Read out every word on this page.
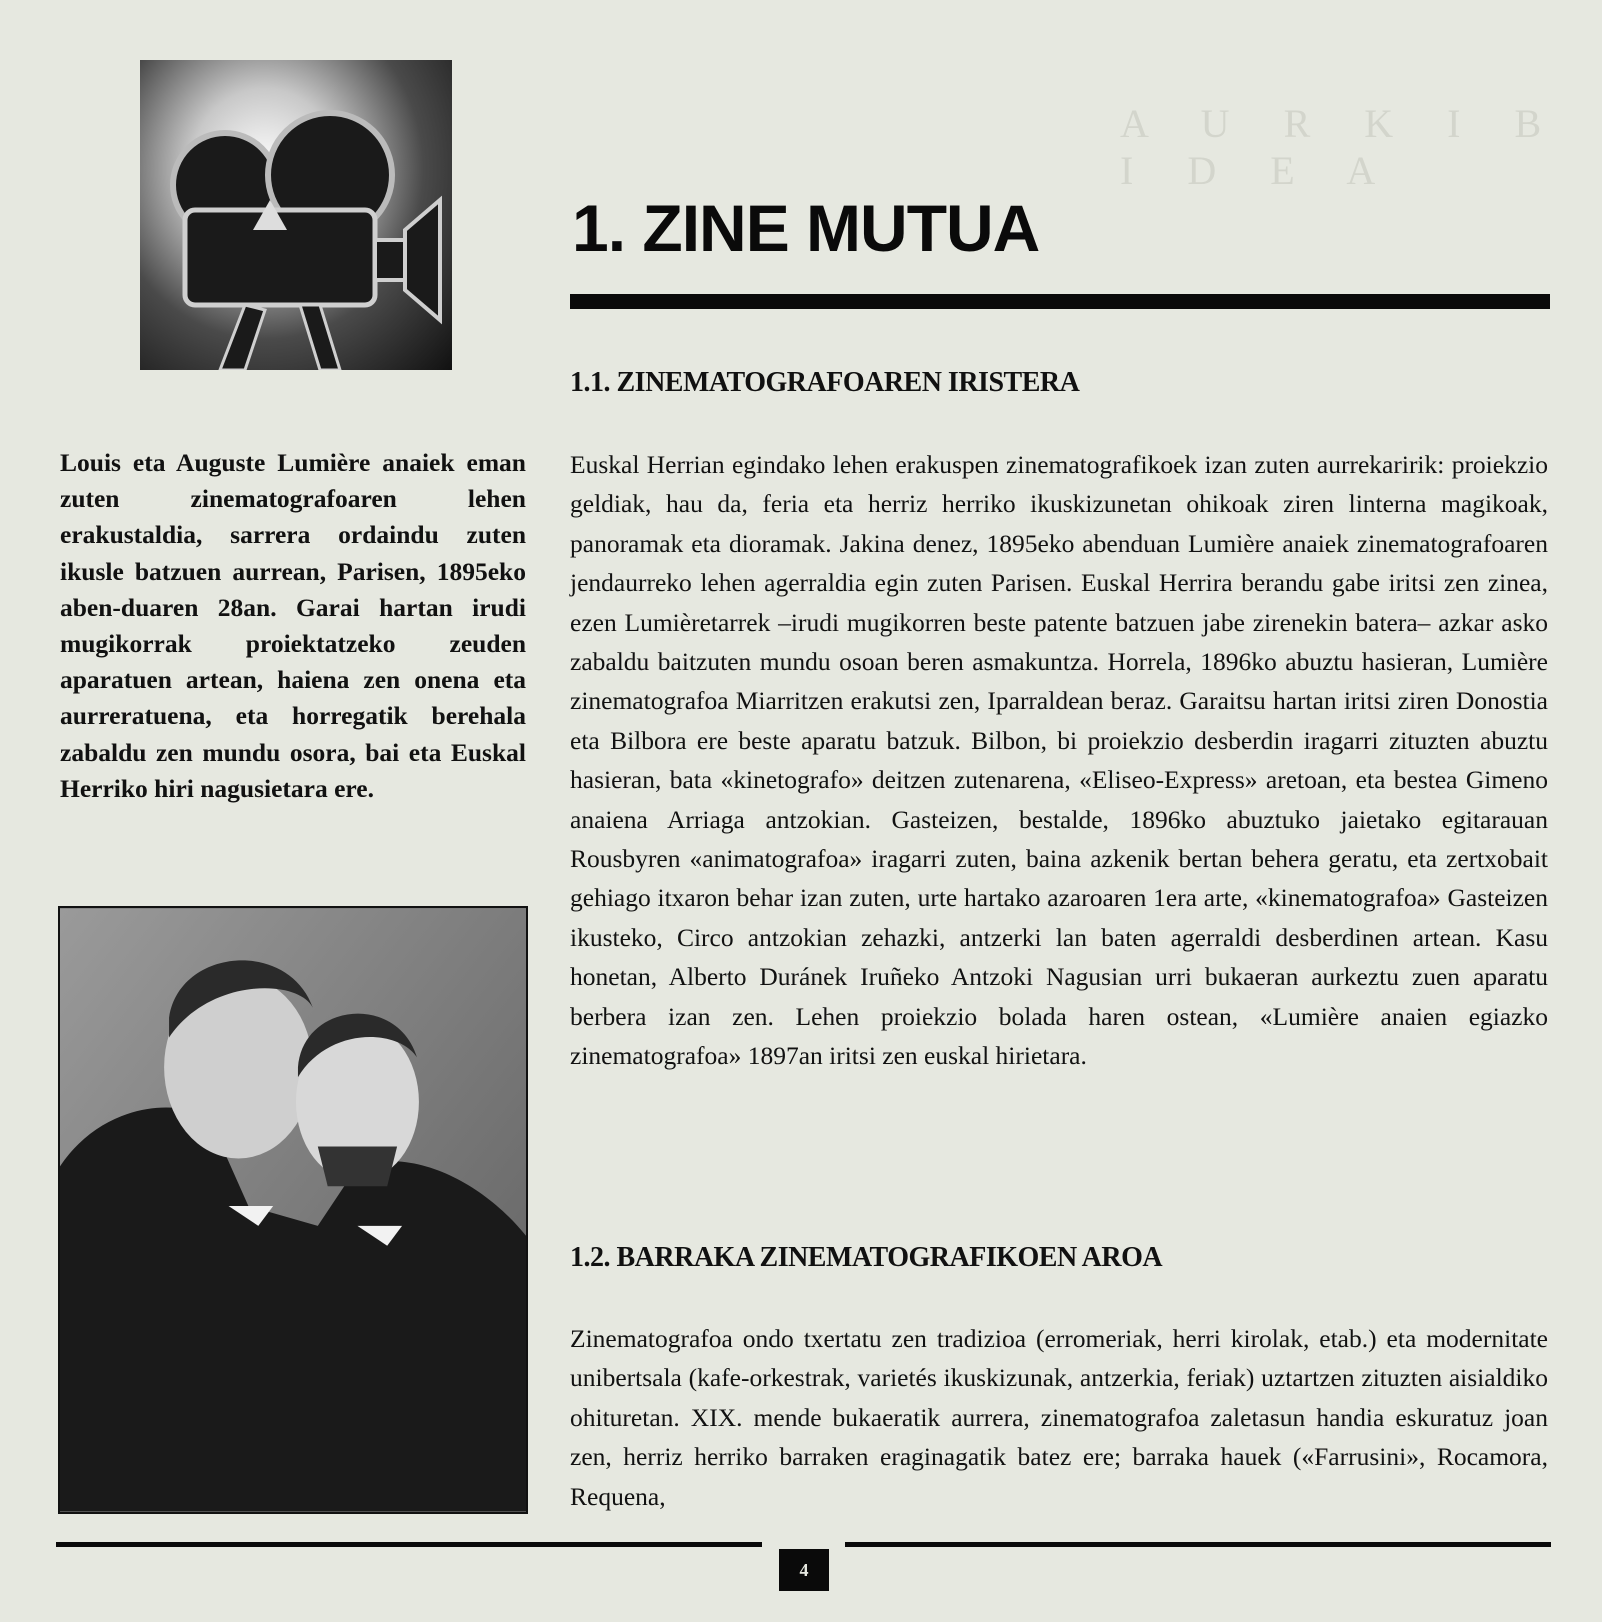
A U R K I B I D E A
1. ZINE MUTUA
1.1. ZINEMATOGRAFOAREN IRISTERA

Euskal Herrian egindako lehen erakuspen zinematografikoek izan zuten aurrekaririk: proiekzio geldiak, hau da, feria eta herriz herriko ikuskizunetan ohikoak ziren linterna magikoak, panoramak eta dioramak. Jakina denez, 1895eko abenduan Lumière anaiek zinematografoaren jendaurreko lehen agerraldia egin zuten Parisen. Euskal Herrira berandu gabe iritsi zen zinea, ezen Lumièretarrek –irudi mugikorren beste patente batzuen jabe zirenekin batera– azkar asko zabaldu baitzuten mundu osoan beren asmakuntza. Horrela, 1896ko abuztu hasieran, Lumière zinematografoa Miarritzen erakutsi zen, Iparraldean beraz. Garaitsu hartan iritsi ziren Donostia eta Bilbora ere beste aparatu batzuk. Bilbon, bi proiekzio desberdin iragarri zituzten abuztu hasieran, bata «kinetografo» deitzen zutenarena, «Eliseo-Express» aretoan, eta bestea Gimeno anaiena Arriaga antzokian. Gasteizen, bestalde, 1896ko abuztuko jaietako egitarauan Rousbyren «animatografoa» iragarri zuten, baina azkenik bertan behera geratu, eta zertxobait gehiago itxaron behar izan zuten, urte hartako azaroaren 1era arte, «kinematografoa» Gasteizen ikusteko, Circo antzokian zehazki, antzerki lan baten agerraldi desberdinen artean. Kasu honetan, Alberto Duránek Iruñeko Antzoki Nagusian urri bukaeran aurkeztu zuen aparatu berbera izan zen. Lehen proiekzio bolada haren ostean, «Lumière anaien egiazko zinematografoa» 1897an iritsi zen euskal hirietara.

1.2. BARRAKA ZINEMATOGRAFIKOEN AROA

Zinematografoa ondo txertatu zen tradizioa (erromeriak, herri kirolak, etab.) eta modernitate unibertsala (kafe-orkestrak, varietés ikuskizunak, antzerkia, feriak) uztartzen zituzten aisialdiko ohituretan. XIX. mende bukaeratik aurrera, zinematografoa zaletasun handia eskuratuz joan zen, herriz herriko barraken eraginagatik batez ere; barraka hauek («Farrusini», Rocamora, Requena,

Louis eta Auguste Lumière anaiek eman zuten zinematografoaren lehen erakustaldia, sarrera ordaindu zuten ikusle batzuen aurrean, Parisen, 1895eko aben-duaren 28an. Garai hartan irudi mugikorrak proiektatzeko zeuden aparatuen artean, haiena zen onena eta aurreratuena, eta horregatik berehala zabaldu zen mundu osora, bai eta Euskal Herriko hiri nagusietara ere.

4
